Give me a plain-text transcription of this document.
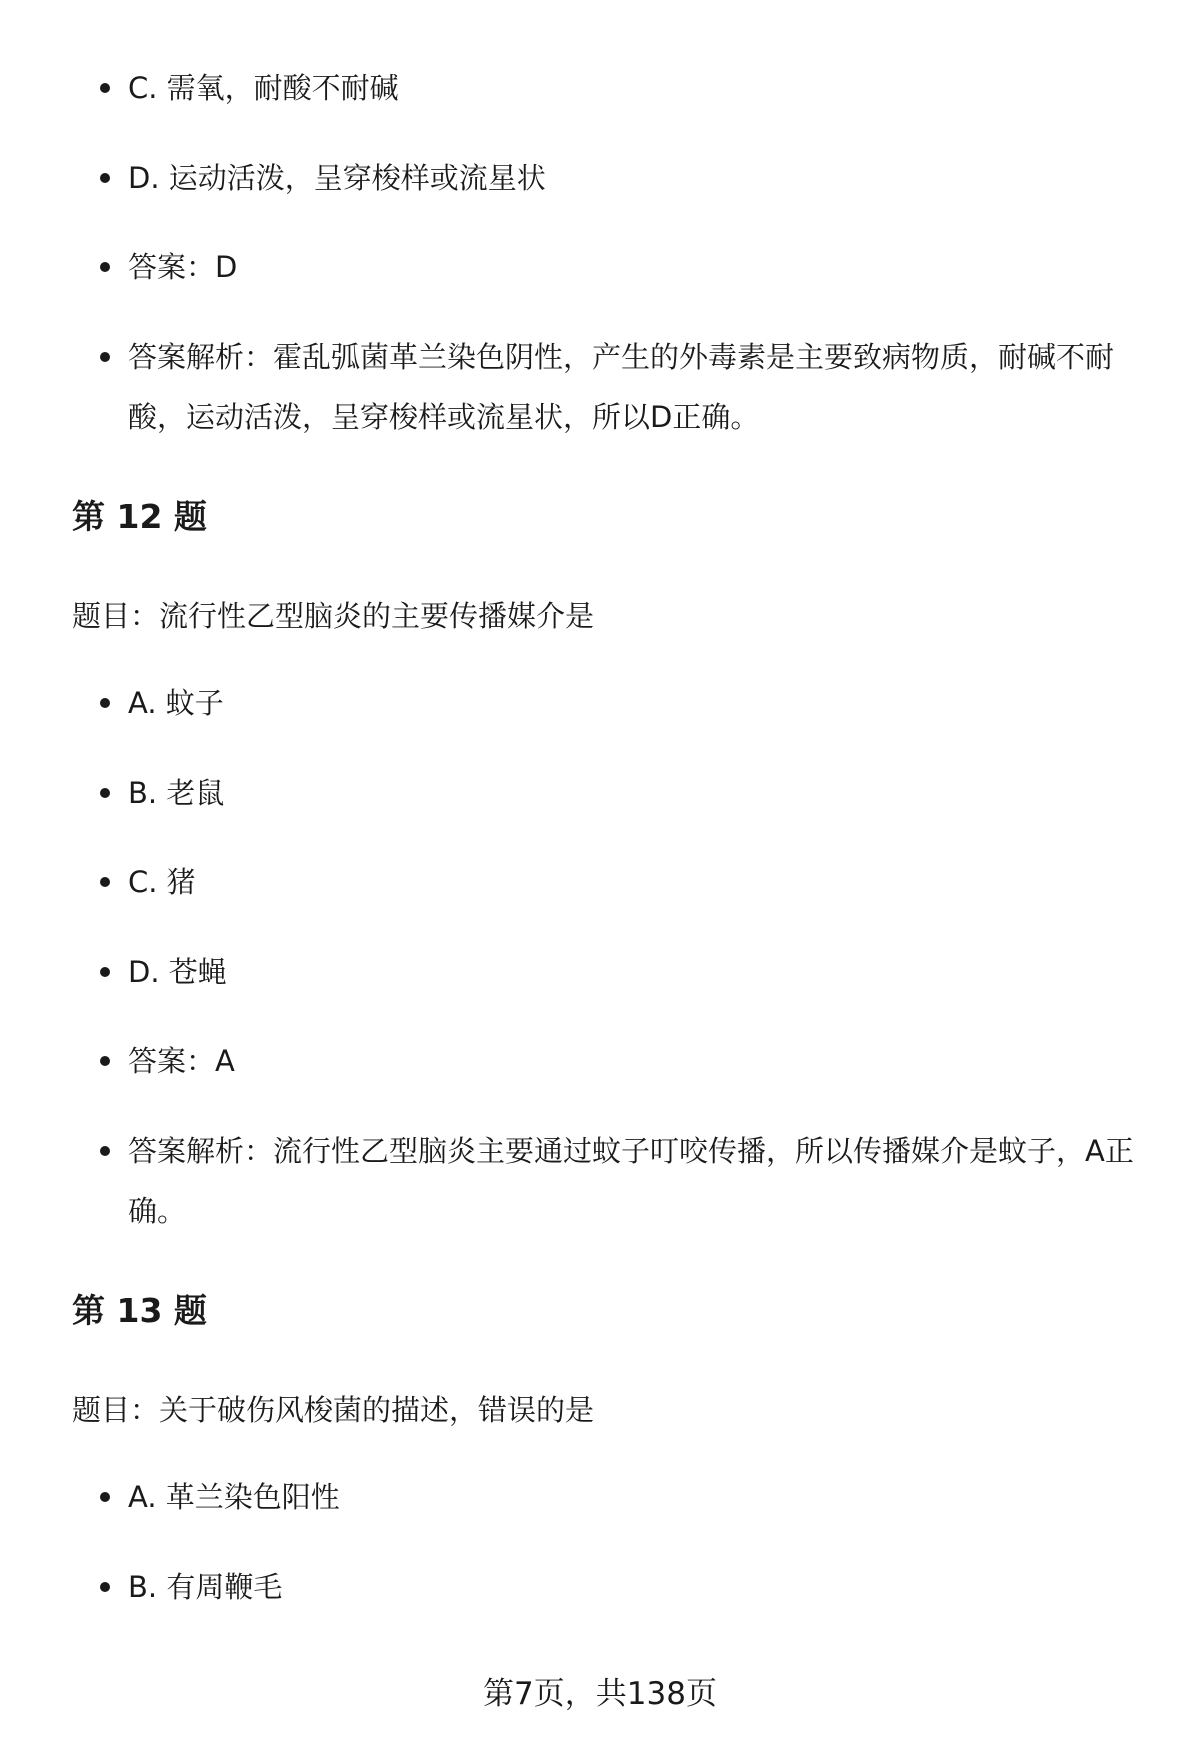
C. 需氧，耐酸不耐碱
D. 运动活泼，呈穿梭样或流星状
答案：D
答案解析：霍乱弧菌革兰染色阴性，产生的外毒素是主要致病物质，耐碱不耐酸，运动活泼，呈穿梭样或流星状，所以D正确。
第 12 题
题目：流行性乙型脑炎的主要传播媒介是
A. 蚊子
B. 老鼠
C. 猪
D. 苍蝇
答案：A
答案解析：流行性乙型脑炎主要通过蚊子叮咬传播，所以传播媒介是蚊子，A正确。
第 13 题
题目：关于破伤风梭菌的描述，错误的是
A. 革兰染色阳性
B. 有周鞭毛
第7页，共138页
